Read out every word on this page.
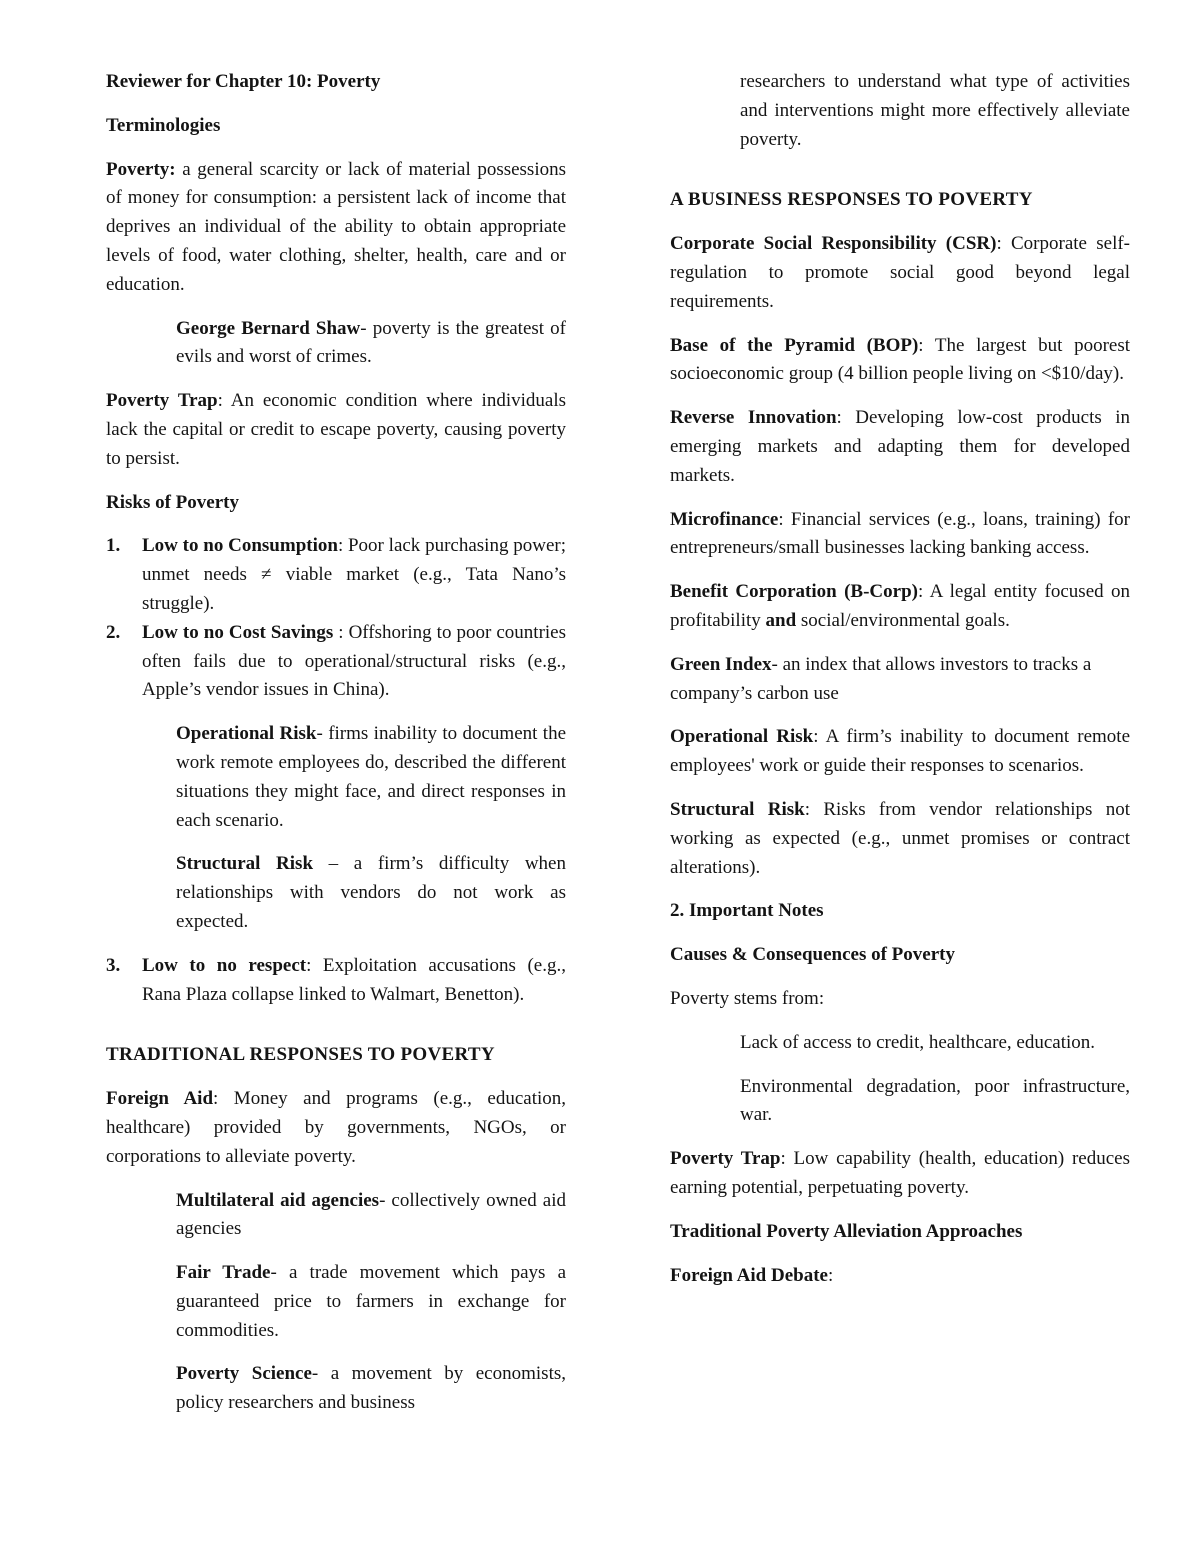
Reviewer for Chapter 10: Poverty

Terminologies

Poverty: a general scarcity or lack of material possessions of money for consumption: a persistent lack of income that deprives an individual of the ability to obtain appropriate levels of food, water clothing, shelter, health, care and or education.

George Bernard Shaw- poverty is the greatest of evils and worst of crimes.

Poverty Trap: An economic condition where individuals lack the capital or credit to escape poverty, causing poverty to persist.

Risks of Poverty

1. Low to no Consumption: Poor lack purchasing power; unmet needs ≠ viable market (e.g., Tata Nano’s struggle).
2. Low to no Cost Savings : Offshoring to poor countries often fails due to operational/structural risks (e.g., Apple’s vendor issues in China).

Operational Risk- firms inability to document the work remote employees do, described the different situations they might face, and direct responses in each scenario.

Structural Risk – a firm’s difficulty when relationships with vendors do not work as expected.

3. Low to no respect: Exploitation accusations (e.g., Rana Plaza collapse linked to Walmart, Benetton).

TRADITIONAL RESPONSES TO POVERTY

Foreign Aid: Money and programs (e.g., education, healthcare) provided by governments, NGOs, or corporations to alleviate poverty.

Multilateral aid agencies- collectively owned aid agencies

Fair Trade- a trade movement which pays a guaranteed price to farmers in exchange for commodities.

Poverty Science- a movement by economists, policy researchers and business

researchers to understand what type of activities and interventions might more effectively alleviate poverty.

A BUSINESS RESPONSES TO POVERTY

Corporate Social Responsibility (CSR): Corporate self-regulation to promote social good beyond legal requirements.

Base of the Pyramid (BOP): The largest but poorest socioeconomic group (4 billion people living on <$10/day).

Reverse Innovation: Developing low-cost products in emerging markets and adapting them for developed markets.

Microfinance: Financial services (e.g., loans, training) for entrepreneurs/small businesses lacking banking access.

Benefit Corporation (B-Corp): A legal entity focused on profitability and social/environmental goals.

Green Index- an index that allows investors to tracks a company’s carbon use

Operational Risk: A firm’s inability to document remote employees' work or guide their responses to scenarios.

Structural Risk: Risks from vendor relationships not working as expected (e.g., unmet promises or contract alterations).

2. Important Notes

Causes & Consequences of Poverty

Poverty stems from:

Lack of access to credit, healthcare, education.

Environmental degradation, poor infrastructure, war.

Poverty Trap: Low capability (health, education) reduces earning potential, perpetuating poverty.

Traditional Poverty Alleviation Approaches

Foreign Aid Debate:
